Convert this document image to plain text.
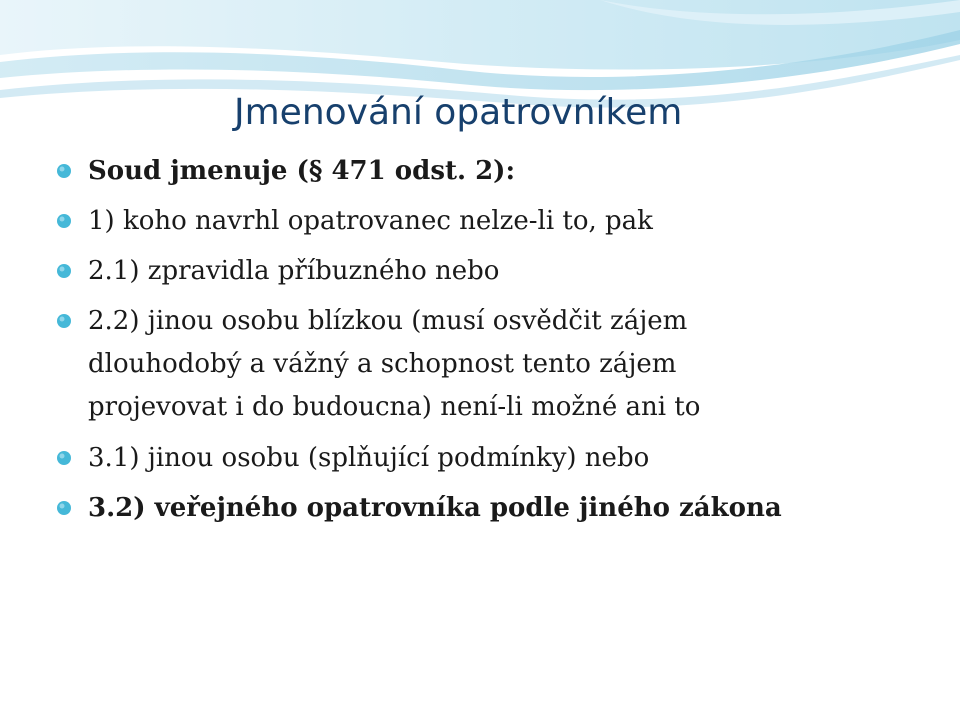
Jmenování opatrovníkem
Soud jmenuje (§ 471 odst. 2):
1) koho navrhl opatrovanec nelze-li to, pak
2.1) zpravidla příbuzného nebo
2.2) jinou osobu blízkou (musí osvědčit zájem
dlouhodobý a vážný a schopnost tento zájem
projevovat i do budoucna) není-li možné ani to
3.1) jinou osobu (splňující podmínky) nebo
3.2) veřejného opatrovníka podle jiného zákona
